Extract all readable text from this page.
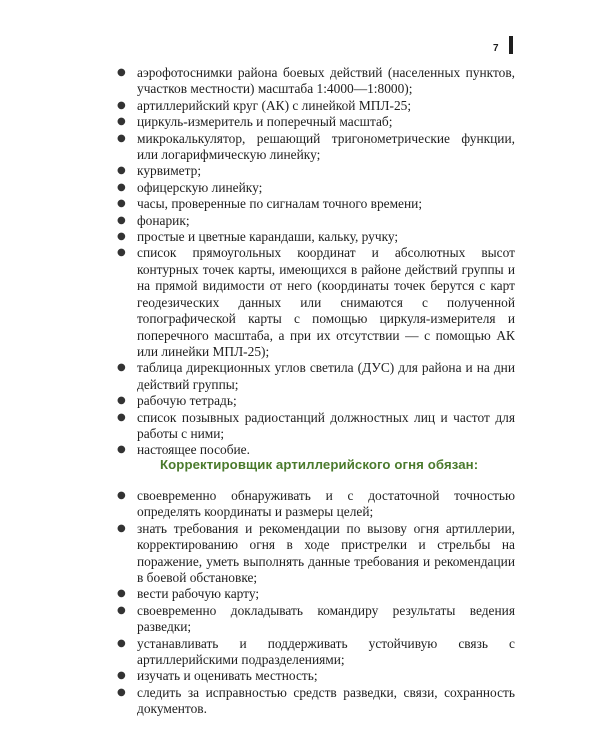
7
● аэрофотоснимки района боевых действий (населенных пунктов, участков местности) масштаба 1:4000—1:8000);
● артиллерийский круг (АК) с линейкой МПЛ-25;
● циркуль-измеритель и поперечный масштаб;
● микрокалькулятор, решающий тригонометрические функции, или логарифмическую линейку;
● курвиметр;
● офицерскую линейку;
● часы, проверенные по сигналам точного времени;
● фонарик;
● простые и цветные карандаши, кальку, ручку;
● список прямоугольных координат и абсолютных высот контурных точек карты, имеющихся в районе действий группы и на прямой видимости от него (координаты точек берутся с карт геодезических данных или снимаются с полученной топографической карты с помощью циркуля-измерителя и поперечного масштаба, а при их отсутствии — с помощью АК или линейки МПЛ-25);
● таблица дирекционных углов светила (ДУС) для района и на дни действий группы;
● рабочую тетрадь;
● список позывных радиостанций должностных лиц и частот для работы с ними;
● настоящее пособие.
Корректировщик артиллерийского огня обязан:
● своевременно обнаруживать и с достаточной точностью определять координаты и размеры целей;
● знать требования и рекомендации по вызову огня артиллерии, корректированию огня в ходе пристрелки и стрельбы на поражение, уметь выполнять данные требования и рекомендации в боевой обстановке;
● вести рабочую карту;
● своевременно докладывать командиру результаты ведения разведки;
● устанавливать и поддерживать устойчивую связь с артиллерийскими подразделениями;
● изучать и оценивать местность;
● следить за исправностью средств разведки, связи, сохранность документов.
